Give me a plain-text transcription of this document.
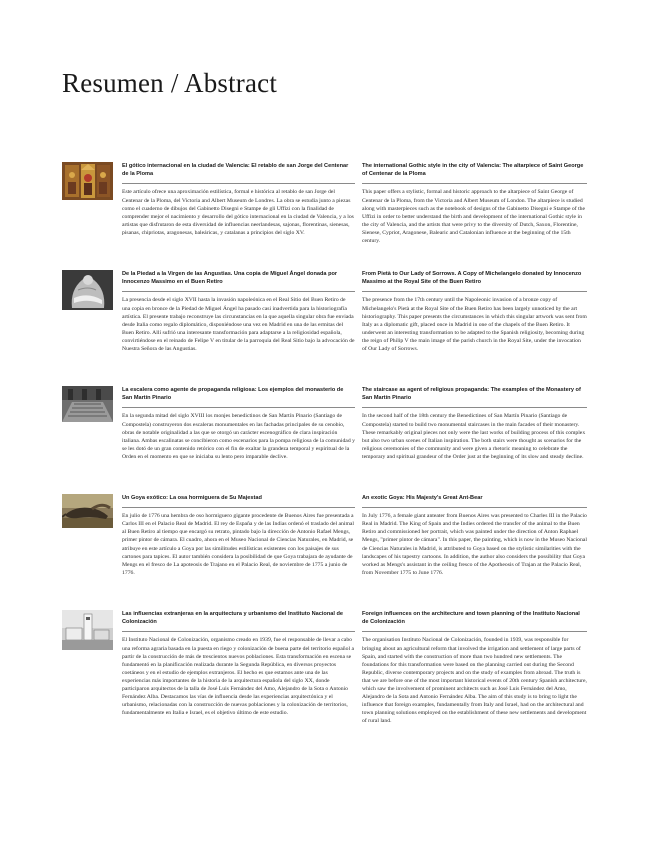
Resumen / Abstract

El gótico internacional en la ciudad de Valencia: El retablo de san Jorge del Centenar de la Ploma

Este artículo ofrece una aproximación estilística, formal e histórica al retablo de san Jorge del Centenar de la Ploma, del Victoria and Albert Museum de Londres. La obra se estudia junto a piezas como el cuaderno de dibujos del Gabinetto Disegni e Stampe de gli Uffizi con la finalidad de comprender mejor el nacimiento y desarrollo del gótico internacional en la ciudad de Valencia, y a los artistas que disfrutaron de esta diversidad de influencias neerlandesas, sajonas, florentinas, sienesas, pisanas, chipriotas, aragonesas, baleáricas, y catalanas a principios del siglo XV.

The international Gothic style in the city of Valencia: The altarpiece of Saint George of Centenar de la Ploma

This paper offers a stylistic, formal and historic approach to the altarpiece of Saint George of Centenar de la Ploma, from the Victoria and Albert Museum of London. The altarpiece is studied along with masterpieces such as the notebook of designs of the Gabinetto Disegni e Stampe of the Uffizi in order to better understand the birth and development of the international Gothic style in the city of Valencia, and the artists that were privy to the diversity of Dutch, Saxon, Florentine, Sienese, Cypriot, Aragonese, Balearic and Catalonian influence at the beginning of the 15th century.

De la Piedad a la Virgen de las Angustias. Una copia de Miguel Ángel donada por Innocenzo Massimo en el Buen Retiro

La presencia desde el siglo XVII hasta la invasión napoleónica en el Real Sitio del Buen Retiro de una copia en bronce de la Piedad de Miguel Ángel ha pasado casi inadvertida para la historiografía artística. El presente trabajo reconstruye las circunstancias en la que aquella singular obra fue enviada desde Italia como regalo diplomático, disponiéndose una vez en Madrid en una de las ermitas del Buen Retiro. Allí sufrió una interesante transformación para adaptarse a la religiosidad española, convirtiéndose en el reinado de Felipe V en titular de la parroquia del Real Sitio bajo la advocación de Nuestra Señora de las Angustias.

From Pietà to Our Lady of Sorrows. A Copy of Michelangelo donated by Innocenzo Massimo at the Royal Site of the Buen Retiro

The presence from the 17th century until the Napoleonic invasion of a bronze copy of Michelangelo's Pietà at the Royal Site of the Buen Retiro has been largely unnoticed by the art historiography. This paper presents the circumstances in which this singular artwork was sent from Italy as a diplomatic gift, placed once in Madrid in one of the chapels of the Buen Retiro. It underwent an interesting transformation to be adapted to the Spanish religiosity, becoming during the reign of Philip V the main image of the parish church in the Royal Site, under the invocation of Our Lady of Sorrows.

La escalera como agente de propaganda religiosa: Los ejemplos del monasterio de San Martín Pinario

En la segunda mitad del siglo XVIII los monjes benedictinos de San Martín Pinario (Santiago de Compostela) construyeron dos escaleras monumentales en las fachadas principales de su cenobio, obras de notable originalidad a las que se otorgó un carácter escenográfico de clara inspiración italiana. Ambas escalinatas se concibieron como escenarios para la pompa religiosa de la comunidad y se les dotó de un gran contenido retórico con el fin de exaltar la grandeza temporal y espiritual de la Orden en el momento en que se iniciaba su lento pero imparable declive.

The staircase as agent of religious propaganda: The examples of the Monastery of San Martín Pinario

In the second half of the 18th century the Benedictines of San Martín Pinario (Santiago de Compostela) started to build two monumental staircases in the main facades of their monastery. These remarkably original pieces not only were the last works of building process of this complex but also two urban scenes of Italian inspiration. The both stairs were thought as scenarios for the religious ceremonies of the community and were given a rhetoric meaning to celebrate the temporary and spiritual grandeur of the Order just at the beginning of its slow and steady decline.

Un Goya exótico: La osa hormiguera de Su Majestad

En julio de 1776 una hembra de oso hormiguero gigante procedente de Buenos Aires fue presentada a Carlos III en el Palacio Real de Madrid. El rey de España y de las Indias ordenó el traslado del animal al Buen Retiro al tiempo que encargó su retrato, pintado bajo la dirección de Antonio Rafael Mengs, primer pintor de cámara. El cuadro, ahora en el Museo Nacional de Ciencias Naturales, en Madrid, se atribuye en este artículo a Goya por las similitudes estilísticas existentes con los paisajes de sus cartones para tapices. El autor también considera la posibilidad de que Goya trabajara de ayudante de Mengs en el fresco de La apoteosis de Trajano en el Palacio Real, de noviembre de 1775 a junio de 1776.

An exotic Goya: His Majesty's Great Ant-Bear

In July 1776, a female giant anteater from Buenos Aires was presented to Charles III in the Palacio Real in Madrid. The King of Spain and the Indies ordered the transfer of the animal to the Buen Retiro and commissioned her portrait, which was painted under the direction of Anton Raphael Mengs, "primer pintor de cámara". In this paper, the painting, which is now in the Museo Nacional de Ciencias Naturales in Madrid, is attributed to Goya based on the stylistic similarities with the landscapes of his tapestry cartoons. In addition, the author also considers the possibility that Goya worked as Mengs's assistant in the ceiling fresco of the Apotheosis of Trajan at the Palacio Real, from November 1775 to June 1776.

Las influencias extranjeras en la arquitectura y urbanismo del Instituto Nacional de Colonización

El Instituto Nacional de Colonización, organismo creado en 1939, fue el responsable de llevar a cabo una reforma agraria basada en la puesta en riego y colonización de buena parte del territorio español a partir de la construcción de más de trescientos nuevos poblaciones. Esta transformación en escena se fundamentó en la planificación realizada durante la Segunda República, en diversos proyectos coetáneos y en el estudio de ejemplos extranjeros. El hecho es que estamos ante una de las experiencias más importantes de la historia de la arquitectura española del siglo XX, donde participaron arquitectos de la talla de José Luis Fernández del Amo, Alejandro de la Sota o Antonio Fernández Alba. Destacamos las vías de influencia desde las experiencias arquitectónica y el urbanismo, relacionadas con la construcción de nuevas poblaciones y la colonización de territorios, fundamentalmente en Italia e Israel, es el objetivo último de este estudio.

Foreign influences on the architecture and town planning of the Instituto Nacional de Colonización

The organisation Instituto Nacional de Colonización, founded in 1939, was responsible for bringing about an agricultural reform that involved the irrigation and settlement of large parts of Spain, and started with the construction of more than two hundred new settlements. The foundations for this transformation were based on the planning carried out during the Second Republic, diverse contemporary projects and on the study of examples from abroad. The truth is that we are before one of the most important historical events of 20th century Spanish architecture, which saw the involvement of prominent architects such as José Luis Fernández del Amo, Alejandro de la Sota and Antonio Fernández Alba. The aim of this study is to bring to light the influence that foreign examples, fundamentally from Italy and Israel, had on the architectural and town planning solutions employed on the establishment of these new settlements and development of rural land.
